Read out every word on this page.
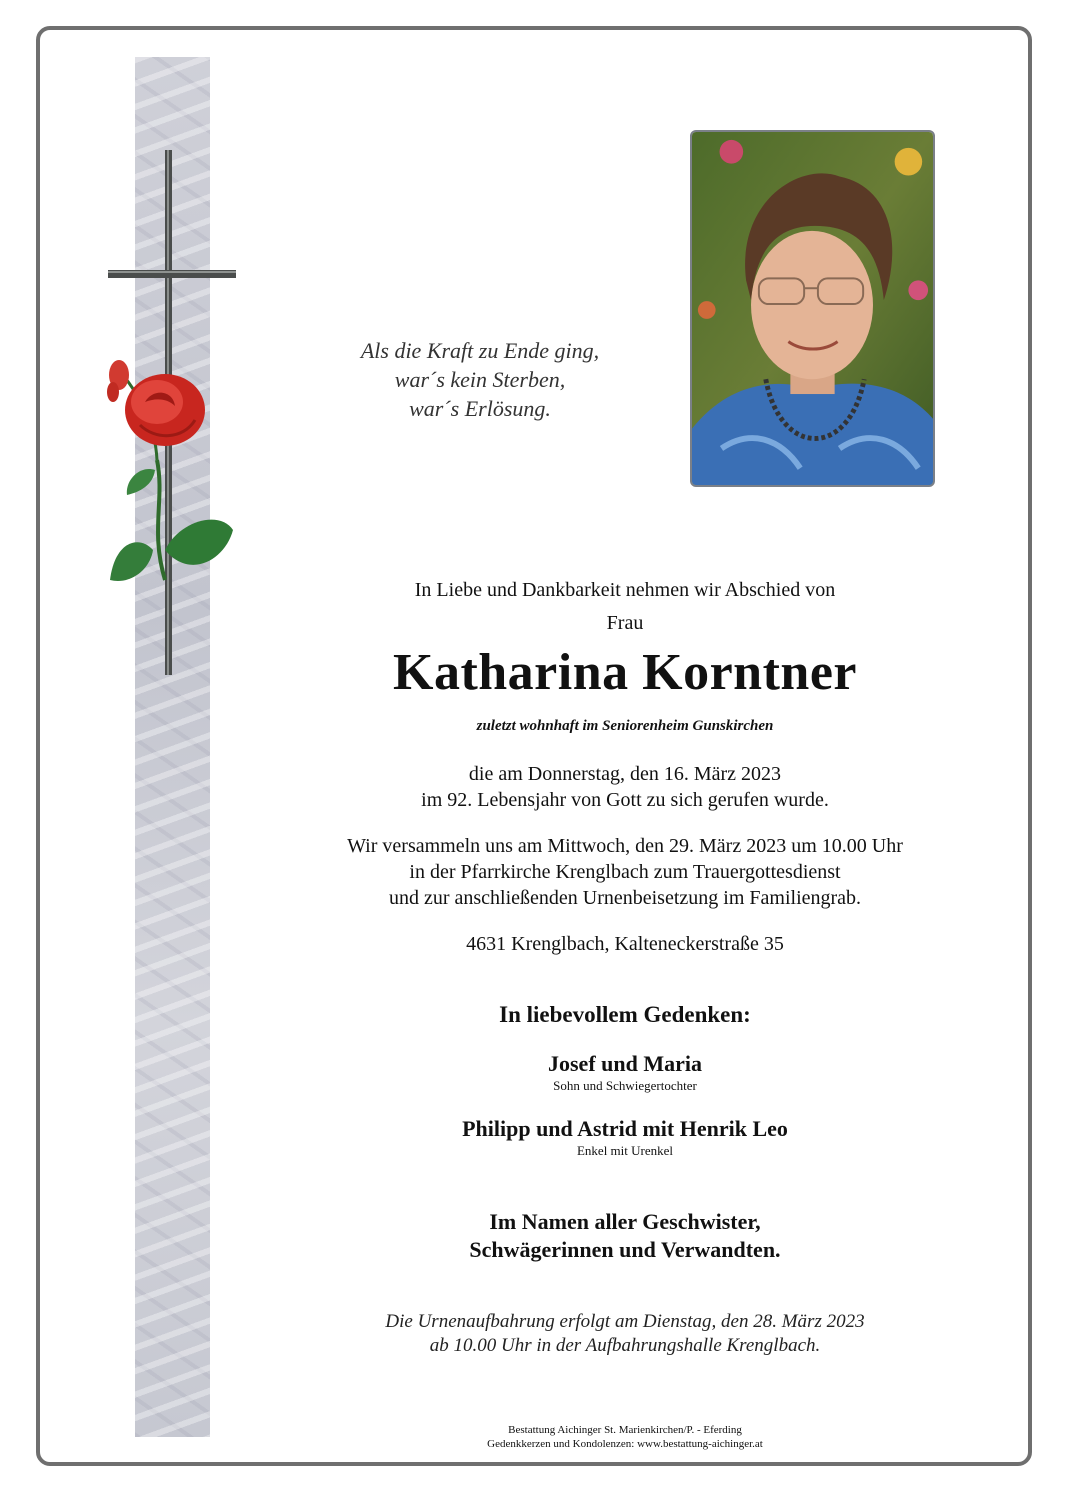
Als die Kraft zu Ende ging,
war´s kein Sterben,
war´s Erlösung.
In Liebe und Dankbarkeit nehmen wir Abschied von
Frau
Katharina Korntner
zuletzt wohnhaft im Seniorenheim Gunskirchen
die am Donnerstag, den 16. März 2023
im 92. Lebensjahr von Gott zu sich gerufen wurde.
Wir versammeln uns am Mittwoch, den 29. März 2023 um 10.00 Uhr
in der Pfarrkirche Krenglbach zum Trauergottesdienst
und zur anschließenden Urnenbeisetzung im Familiengrab.
4631 Krenglbach, Kalteneckerstraße 35
In liebevollem Gedenken:
Josef und Maria
Sohn und Schwiegertochter
Philipp und Astrid mit Henrik Leo
Enkel mit Urenkel
Im Namen aller Geschwister,
Schwägerinnen und Verwandten.
Die Urnenaufbahrung erfolgt am Dienstag, den 28. März 2023
ab 10.00 Uhr in der Aufbahrungshalle Krenglbach.
Bestattung Aichinger St. Marienkirchen/P. - Eferding
Gedenkkerzen und Kondolenzen: www.bestattung-aichinger.at
